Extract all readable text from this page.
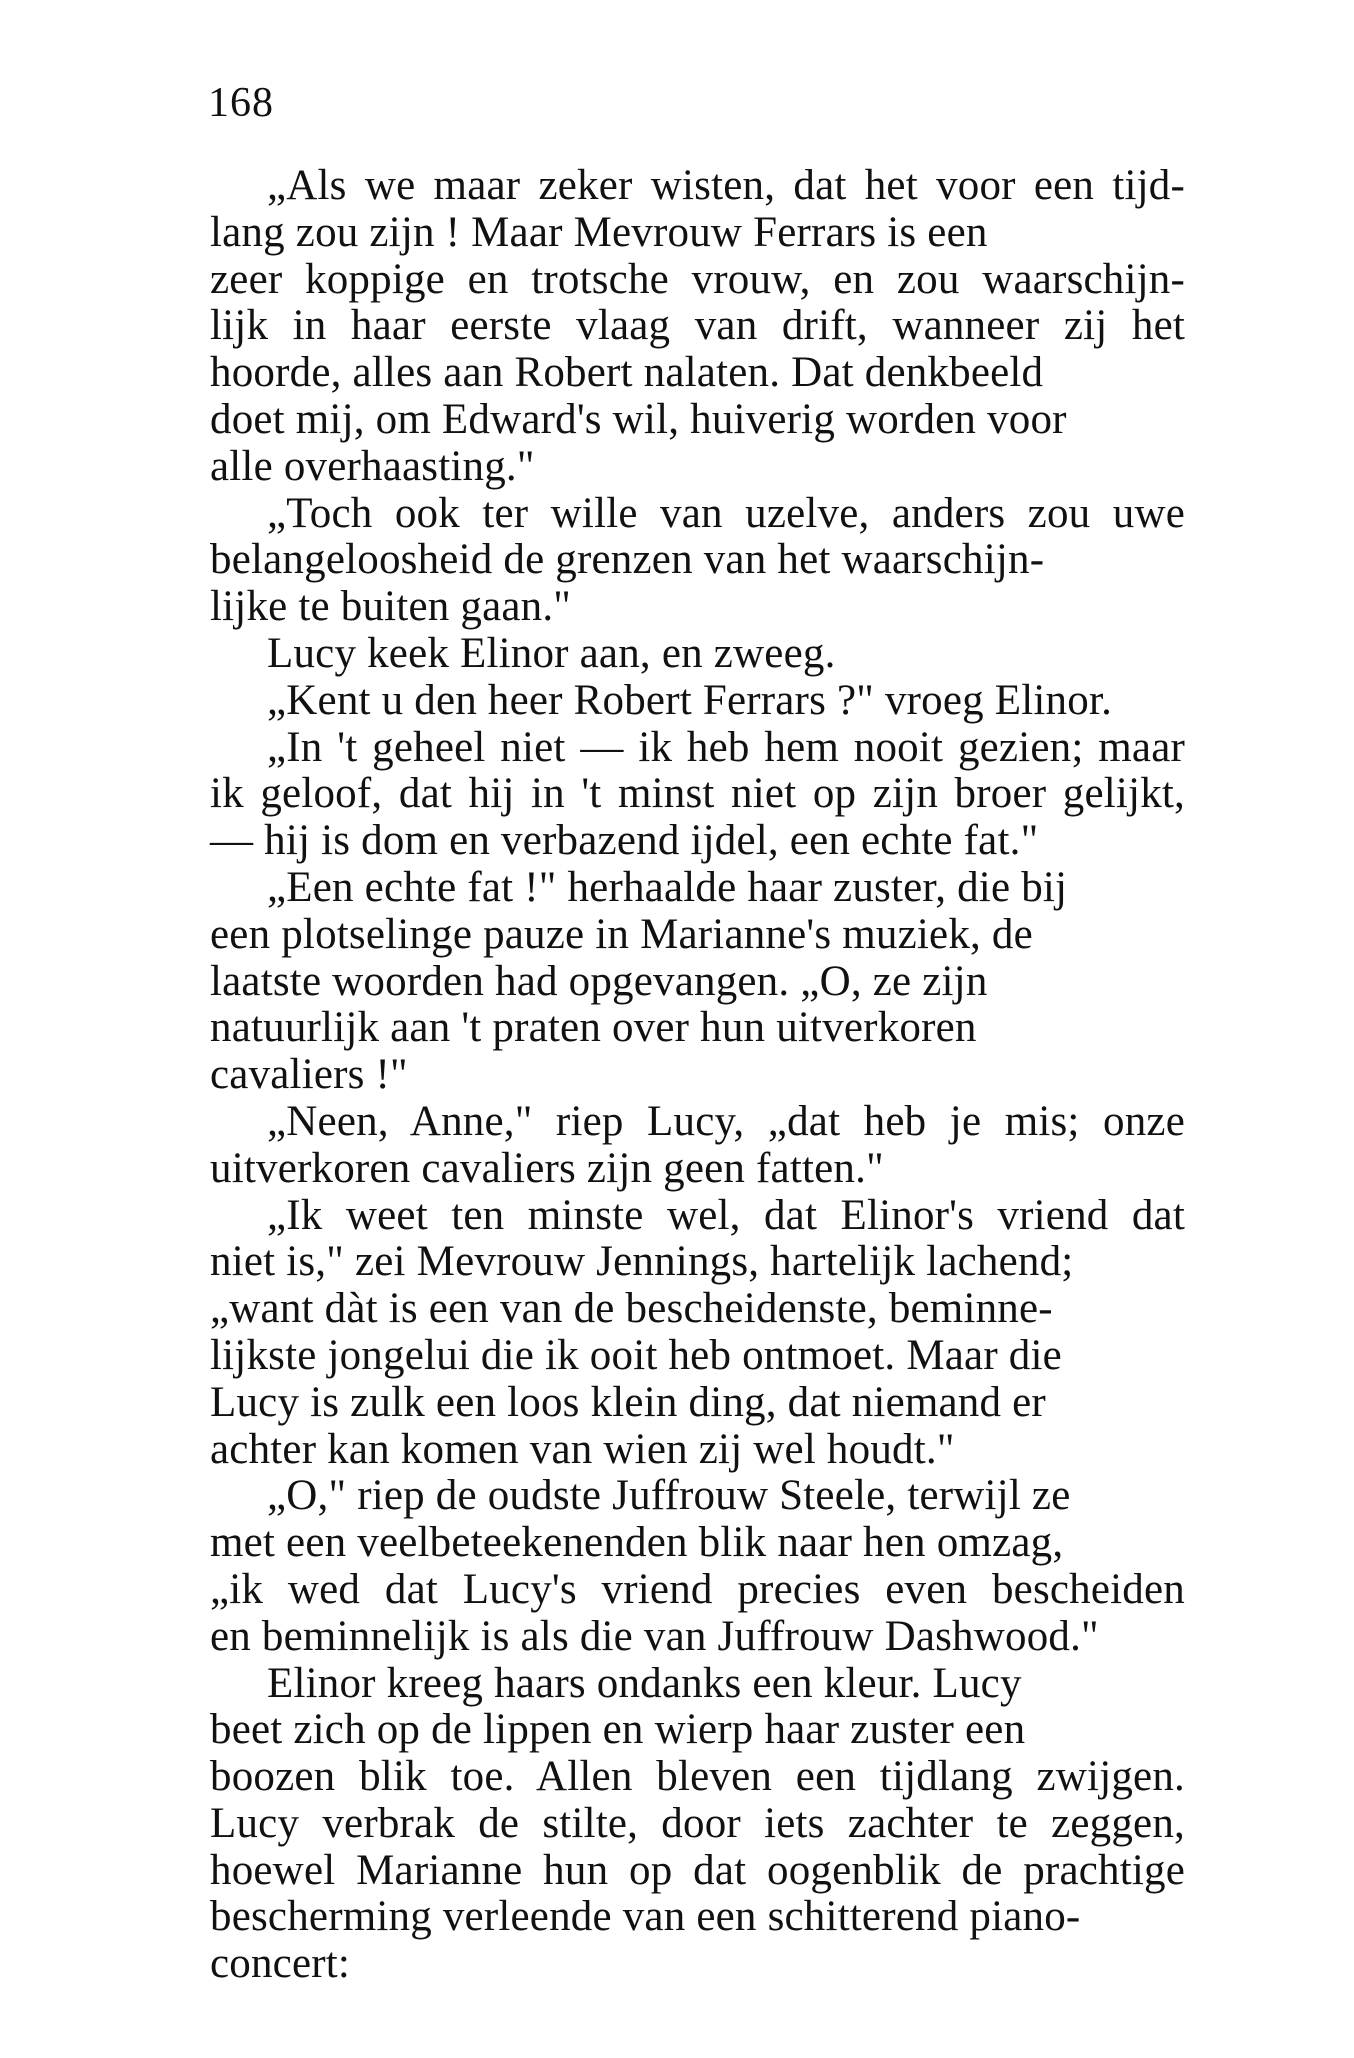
168
„Als we maar zeker wisten, dat het voor een tijd-
lang zou zijn ! Maar Mevrouw Ferrars is een
zeer koppige en trotsche vrouw, en zou waarschijn-
lijk in haar eerste vlaag van drift, wanneer zij het
hoorde, alles aan Robert nalaten. Dat denkbeeld
doet mij, om Edward's wil, huiverig worden voor
alle overhaasting."
„Toch ook ter wille van uzelve, anders zou uwe
belangeloosheid de grenzen van het waarschijn-
lijke te buiten gaan."
Lucy keek Elinor aan, en zweeg.
„Kent u den heer Robert Ferrars ?" vroeg Elinor.
„In 't geheel niet — ik heb hem nooit gezien; maar
ik geloof, dat hij in 't minst niet op zijn broer gelijkt,
— hij is dom en verbazend ijdel, een echte fat."
„Een echte fat !" herhaalde haar zuster, die bij
een plotselinge pauze in Marianne's muziek, de
laatste woorden had opgevangen. „O, ze zijn
natuurlijk aan 't praten over hun uitverkoren
cavaliers !"
„Neen, Anne," riep Lucy, „dat heb je mis; onze
uitverkoren cavaliers zijn geen fatten."
„Ik weet ten minste wel, dat Elinor's vriend dat
niet is," zei Mevrouw Jennings, hartelijk lachend;
„want dàt is een van de bescheidenste, beminne-
lijkste jongelui die ik ooit heb ontmoet. Maar die
Lucy is zulk een loos klein ding, dat niemand er
achter kan komen van wien zij wel houdt."
„O," riep de oudste Juffrouw Steele, terwijl ze
met een veelbeteekenenden blik naar hen omzag,
„ik wed dat Lucy's vriend precies even bescheiden
en beminnelijk is als die van Juffrouw Dashwood."
Elinor kreeg haars ondanks een kleur. Lucy
beet zich op de lippen en wierp haar zuster een
boozen blik toe. Allen bleven een tijdlang zwijgen.
Lucy verbrak de stilte, door iets zachter te zeggen,
hoewel Marianne hun op dat oogenblik de prachtige
bescherming verleende van een schitterend piano-
concert:
